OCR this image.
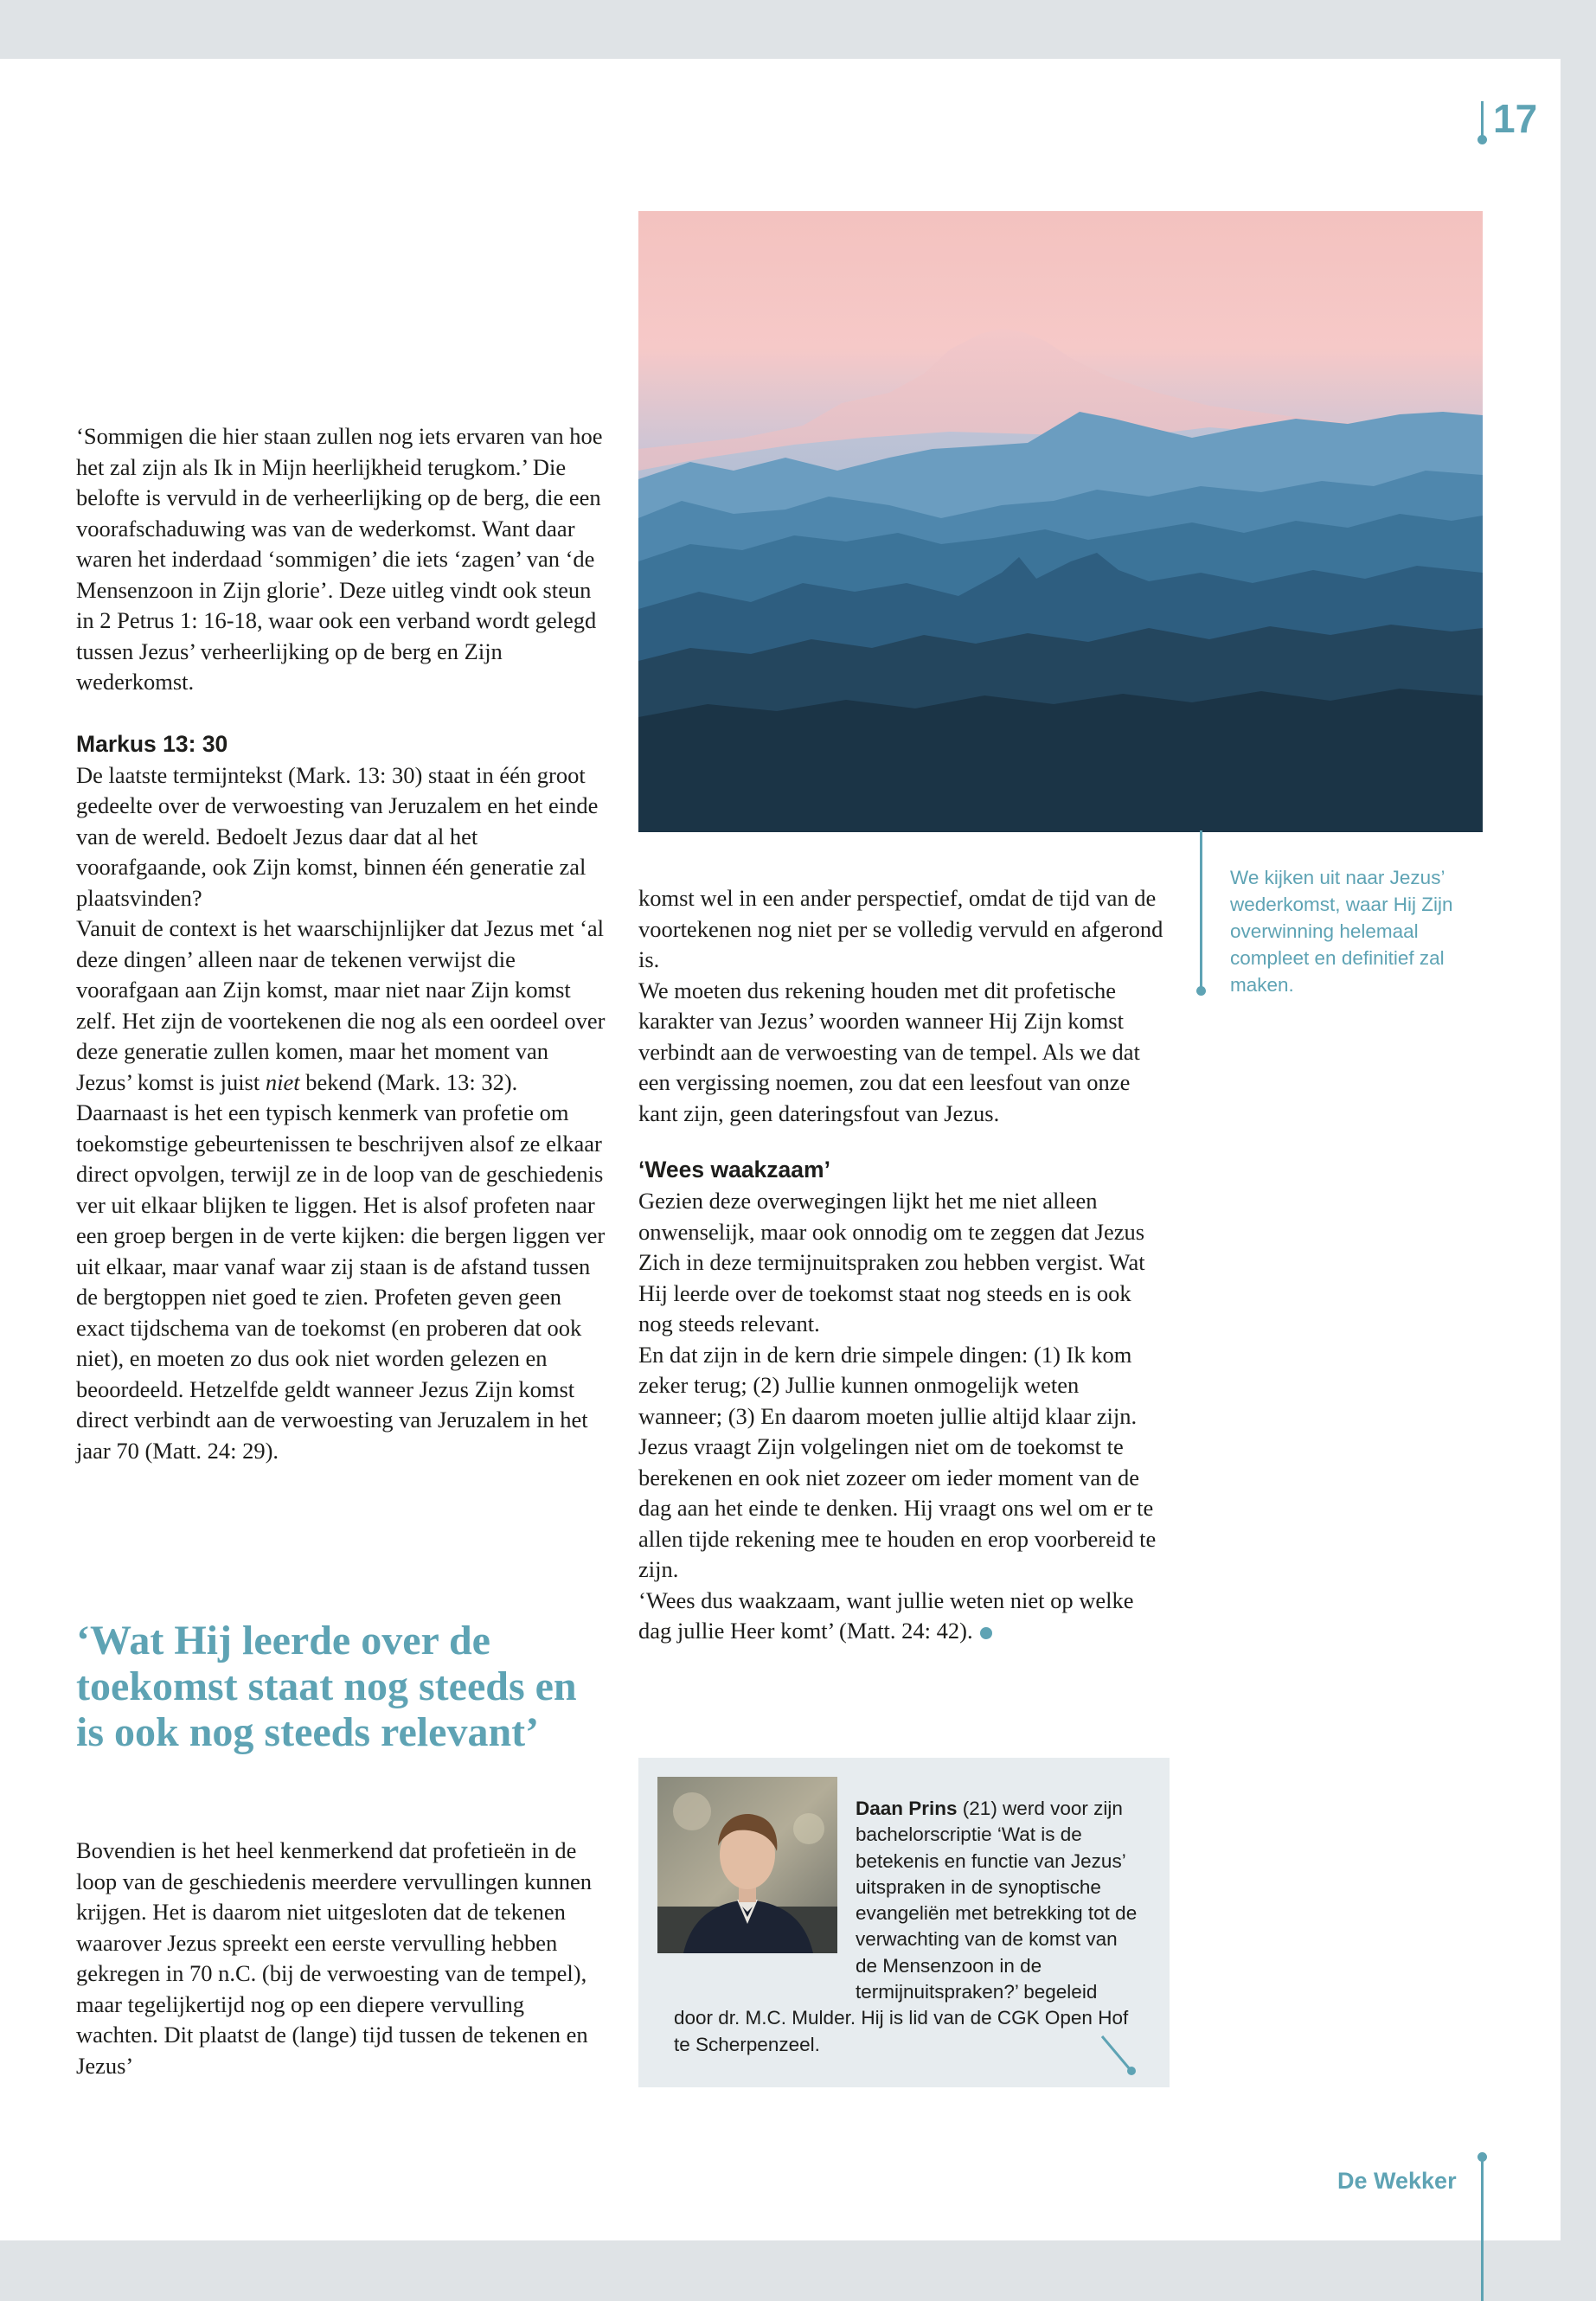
17

‘Sommigen die hier staan zullen nog iets ervaren van hoe het zal zijn als Ik in Mijn heerlijkheid terugkom.’ Die belofte is vervuld in de verheerlijking op de berg, die een voorafschaduwing was van de wederkomst. Want daar waren het inderdaad ‘sommigen’ die iets ‘zagen’ van ‘de Mensenzoon in Zijn glorie’. Deze uitleg vindt ook steun in 2 Petrus 1: 16-18, waar ook een verband wordt gelegd tussen Jezus’ verheerlijking op de berg en Zijn wederkomst.

Markus 13: 30

De laatste termijntekst (Mark. 13: 30) staat in één groot gedeelte over de verwoesting van Jeruzalem en het einde van de wereld. Bedoelt Jezus daar dat al het voorafgaande, ook Zijn komst, binnen één generatie zal plaatsvinden?

Vanuit de context is het waarschijnlijker dat Jezus met ‘al deze dingen’ alleen naar de tekenen verwijst die voorafgaan aan Zijn komst, maar niet naar Zijn komst zelf. Het zijn de voortekenen die nog als een oordeel over deze generatie zullen komen, maar het moment van Jezus’ komst is juist niet bekend (Mark. 13: 32).

Daarnaast is het een typisch kenmerk van profetie om toekomstige gebeurtenissen te beschrijven alsof ze elkaar direct opvolgen, terwijl ze in de loop van de geschiedenis ver uit elkaar blijken te liggen. Het is alsof profeten naar een groep bergen in de verte kijken: die bergen liggen ver uit elkaar, maar vanaf waar zij staan is de afstand tussen de bergtoppen niet goed te zien. Profeten geven geen exact tijdschema van de toekomst (en proberen dat ook niet), en moeten zo dus ook niet worden gelezen en beoordeeld. Hetzelfde geldt wanneer Jezus Zijn komst direct verbindt aan de verwoesting van Jeruzalem in het jaar 70 (Matt. 24: 29).

‘Wat Hij leerde over de toekomst staat nog steeds en is ook nog steeds relevant’

Bovendien is het heel kenmerkend dat profetieën in de loop van de geschiedenis meerdere vervullingen kunnen krijgen. Het is daarom niet uitgesloten dat de tekenen waarover Jezus spreekt een eerste vervulling hebben gekregen in 70 n.C. (bij de verwoesting van de tempel), maar tegelijkertijd nog op een diepere vervulling wachten. Dit plaatst de (lange) tijd tussen de tekenen en Jezus’

komst wel in een ander perspectief, omdat de tijd van de voortekenen nog niet per se volledig vervuld en afgerond is.

We moeten dus rekening houden met dit profetische karakter van Jezus’ woorden wanneer Hij Zijn komst verbindt aan de verwoesting van de tempel. Als we dat een vergissing noemen, zou dat een leesfout van onze kant zijn, geen dateringsfout van Jezus.

‘Wees waakzaam’

Gezien deze overwegingen lijkt het me niet alleen onwenselijk, maar ook onnodig om te zeggen dat Jezus Zich in deze termijnuitspraken zou hebben vergist. Wat Hij leerde over de toekomst staat nog steeds en is ook nog steeds relevant.

En dat zijn in de kern drie simpele dingen: (1) Ik kom zeker terug; (2) Jullie kunnen onmogelijk weten wanneer; (3) En daarom moeten jullie altijd klaar zijn. Jezus vraagt Zijn volgelingen niet om de toekomst te berekenen en ook niet zozeer om ieder moment van de dag aan het einde te denken. Hij vraagt ons wel om er te allen tijde rekening mee te houden en erop voorbereid te zijn.

‘Wees dus waakzaam, want jullie weten niet op welke dag jullie Heer komt’ (Matt. 24: 42).

We kijken uit naar Jezus’ wederkomst, waar Hij Zijn overwinning helemaal compleet en definitief zal maken.
Daan Prins (21) werd voor zijn bachelorscriptie ‘Wat is de betekenis en functie van Jezus’ uitspraken in de synoptische evangeliën met betrekking tot de verwachting van de komst van de Mensenzoon in de termijnuitspraken?’ begeleid door dr. M.C. Mulder. Hij is lid van de CGK Open Hof te Scherpenzeel.
De Wekker
